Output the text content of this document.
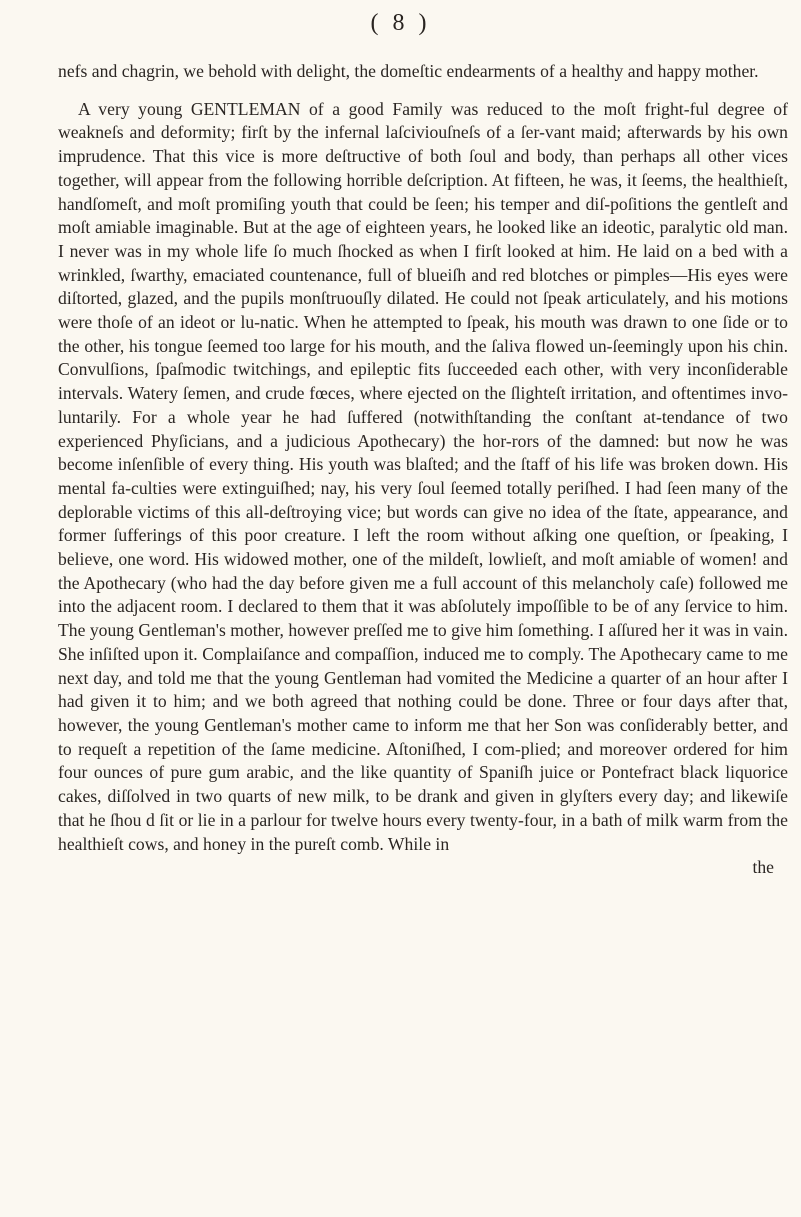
( 8 )

nefs and chagrin, we behold with delight, the domeſtic endearments of a healthy and happy mother.

A very young GENTLEMAN of a good Family was reduced to the moſt fright-ful degree of weakneſs and deformity; firſt by the infernal laſciviouſneſs of a ſer-vant maid; afterwards by his own imprudence. That this vice is more deſtructive of both ſoul and body, than perhaps all other vices together, will appear from the following horrible deſcription. At fifteen, he was, it ſeems, the healthieſt, handſomeſt, and moſt promiſing youth that could be ſeen; his temper and diſ-poſitions the gentleſt and moſt amiable imaginable. But at the age of eighteen years, he looked like an ideotic, paralytic old man. I never was in my whole life ſo much ſhocked as when I firſt looked at him. He laid on a bed with a wrinkled, ſwarthy, emaciated countenance, full of blueiſh and red blotches or pimples—His eyes were diſtorted, glazed, and the pupils monſtruouſly dilated. He could not ſpeak articulately, and his motions were thoſe of an ideot or lu-natic. When he attempted to ſpeak, his mouth was drawn to one ſide or to the other, his tongue ſeemed too large for his mouth, and the ſaliva flowed un-ſeemingly upon his chin. Convulſions, ſpaſmodic twitchings, and epileptic fits ſucceeded each other, with very inconſiderable intervals. Watery ſemen, and crude fœces, where ejected on the ſlighteſt irritation, and oftentimes invo-luntarily. For a whole year he had ſuffered (notwithſtanding the conſtant at-tendance of two experienced Phyſicians, and a judicious Apothecary) the hor-rors of the damned: but now he was become inſenſible of every thing. His youth was blaſted; and the ſtaff of his life was broken down. His mental fa-culties were extinguiſhed; nay, his very ſoul ſeemed totally periſhed. I had ſeen many of the deplorable victims of this all-deſtroying vice; but words can give no idea of the ſtate, appearance, and former ſufferings of this poor creature. I left the room without aſking one queſtion, or ſpeaking, I believe, one word. His widowed mother, one of the mildeſt, lowlieſt, and moſt amiable of women! and the Apothecary (who had the day before given me a full account of this melancholy caſe) followed me into the adjacent room. I declared to them that it was abſolutely impoſſible to be of any ſervice to him. The young Gentleman's mother, however preſſed me to give him ſomething. I aſſured her it was in vain. She inſiſted upon it. Complaiſance and compaſſion, induced me to comply. The Apothecary came to me next day, and told me that the young Gentleman had vomited the Medicine a quarter of an hour after I had given it to him; and we both agreed that nothing could be done. Three or four days after that, however, the young Gentleman's mother came to inform me that her Son was conſiderably better, and to requeſt a repetition of the ſame medicine. Aſtoniſhed, I com-plied; and moreover ordered for him four ounces of pure gum arabic, and the like quantity of Spaniſh juice or Pontefract black liquorice cakes, diſſolved in two quarts of new milk, to be drank and given in glyſters every day; and likewiſe that he ſhou d ſit or lie in a parlour for twelve hours every twenty-four, in a bath of milk warm from the healthieſt cows, and honey in the pureſt comb. While in

the
